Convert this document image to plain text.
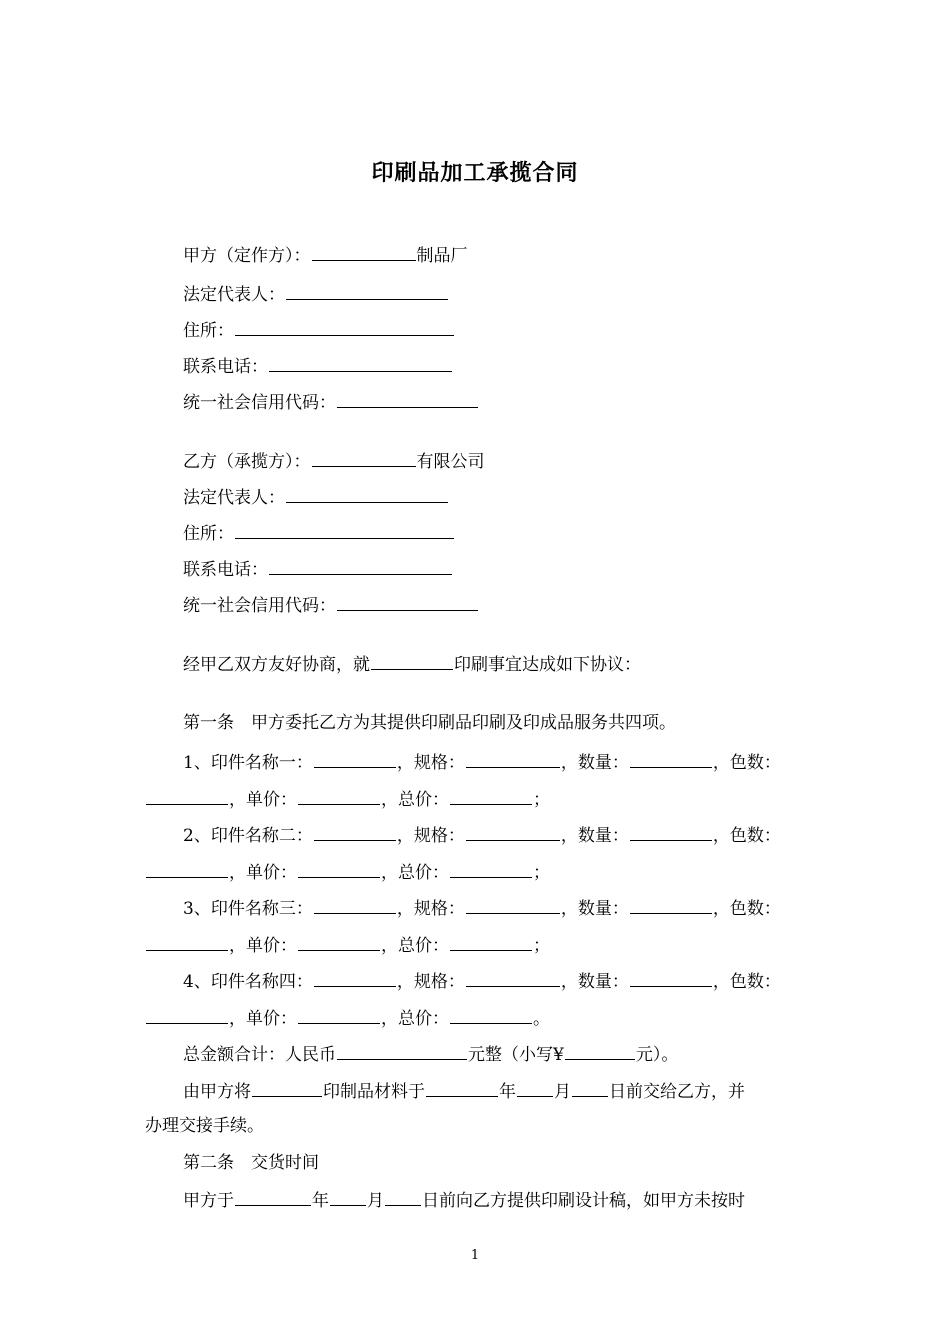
印刷品加工承揽合同
甲方（定作方）：	制品厂
法定代表人：
住所：
联系电话：
统一社会信用代码：
乙方（承揽方）：	有限公司
法定代表人：
住所：
联系电话：
统一社会信用代码：
经甲乙双方友好协商，就	印刷事宜达成如下协议：
第一条　甲方委托乙方为其提供印刷品印刷及印成品服务共四项。
1、印件名称一：	，规格：	，数量：	，色数：
，单价：	，总价：	；
2、印件名称二：	，规格：	，数量：	，色数：
，单价：	，总价：	；
3、印件名称三：	，规格：	，数量：	，色数：
，单价：	，总价：	；
4、印件名称四：	，规格：	，数量：	，色数：
，单价：	，总价：	。
总金额合计：人民币	元整（小写¥	元）。
由甲方将	印制品材料于	年 月 日前交给乙方，并
办理交接手续。
第二条　交货时间
甲方于	年 月 日前向乙方提供印刷设计稿，如甲方未按时
1
